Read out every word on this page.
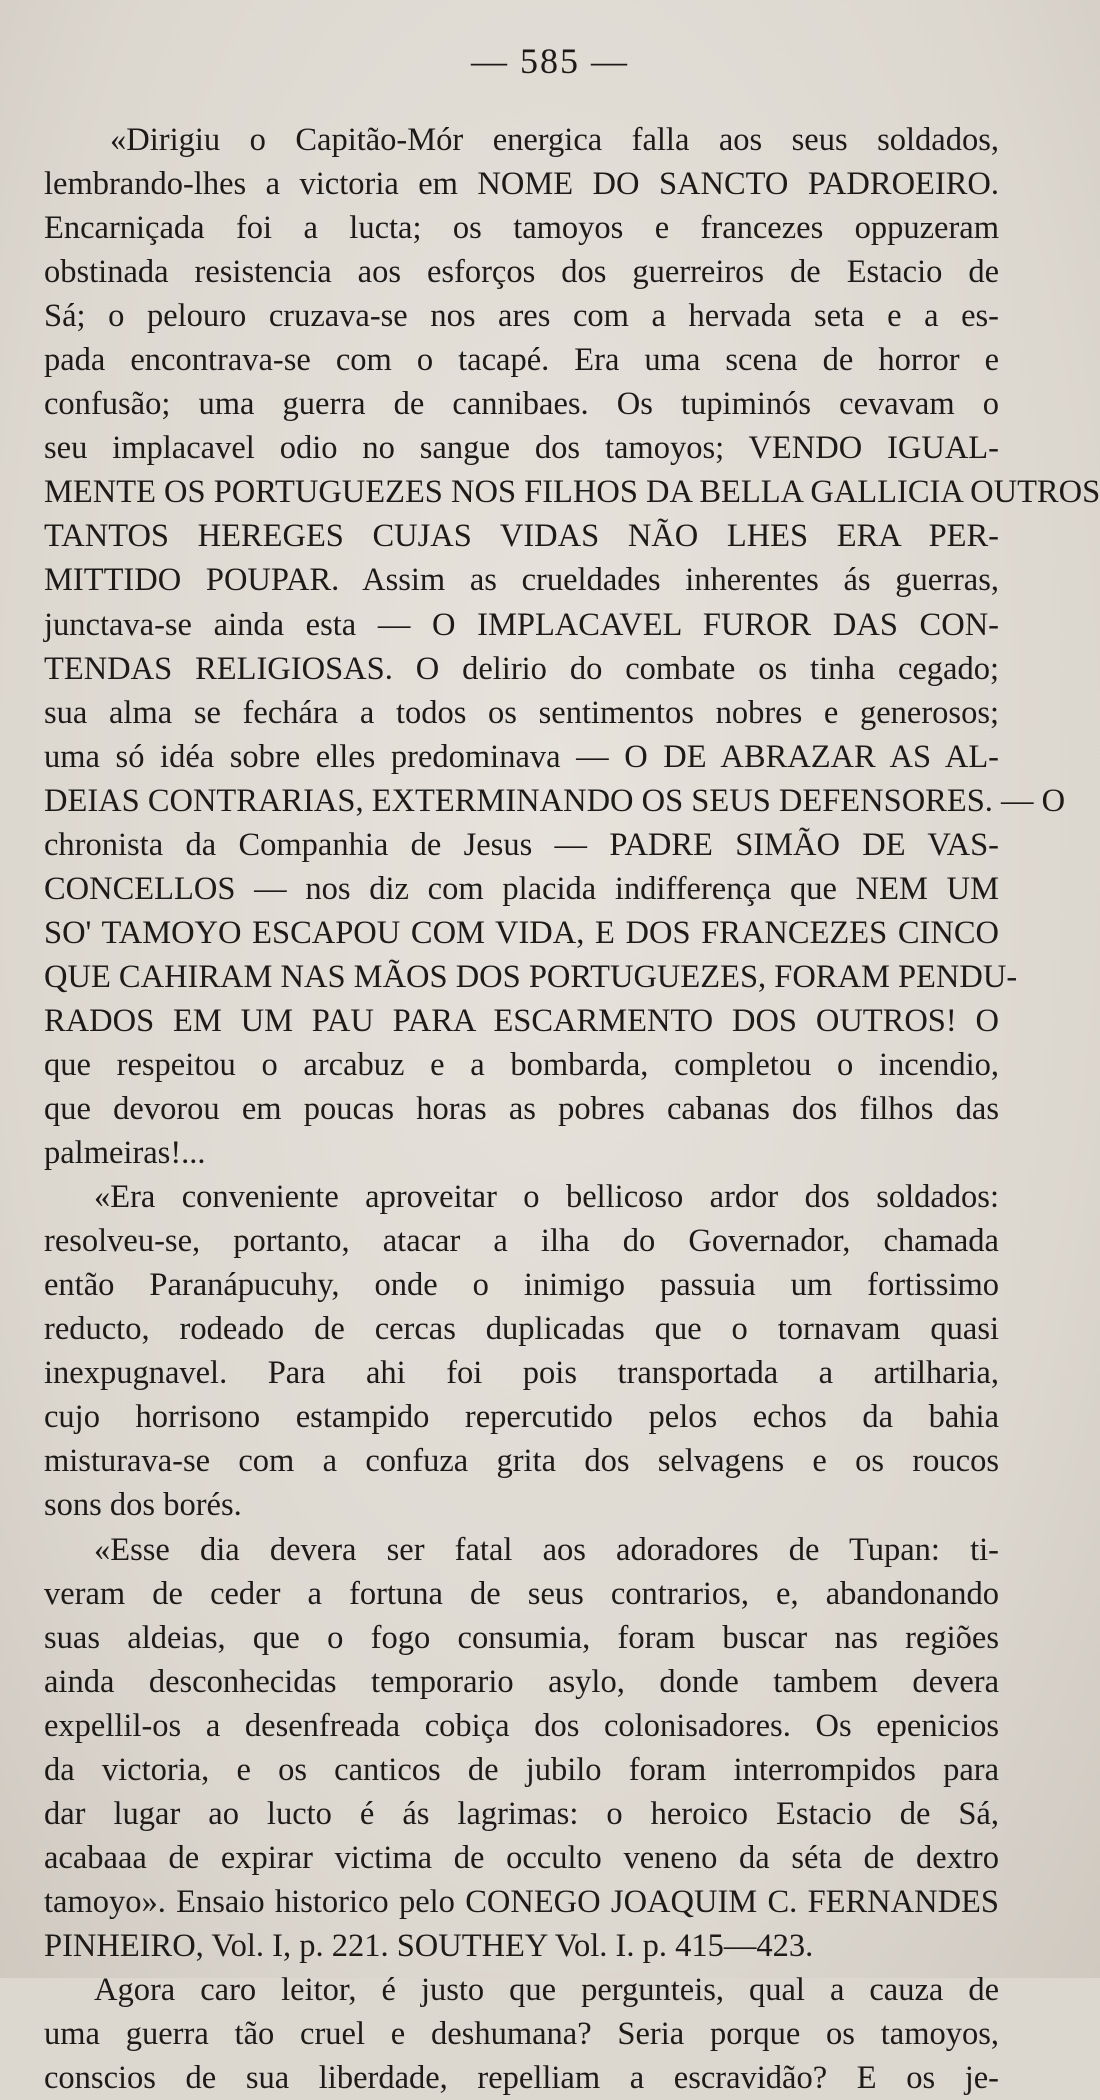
— 585 —
«Dirigiu o Capitão-Mór energica falla aos seus soldados,
lembrando-lhes a victoria em NOME DO SANCTO PADROEIRO.
Encarniçada foi a lucta; os tamoyos e francezes oppuzeram
obstinada resistencia aos esforços dos guerreiros de Estacio de
Sá; o pelouro cruzava-se nos ares com a hervada seta e a es-
pada encontrava-se com o tacapé. Era uma scena de horror e
confusão; uma guerra de cannibaes. Os tupiminós cevavam o
seu implacavel odio no sangue dos tamoyos; VENDO IGUAL-
MENTE OS PORTUGUEZES NOS FILHOS DA BELLA GALLICIA OUTROS
TANTOS HEREGES CUJAS VIDAS NÃO LHES ERA PER-
MITTIDO POUPAR. Assim as crueldades inherentes ás guerras,
junctava-se ainda esta — O IMPLACAVEL FUROR DAS CON-
TENDAS RELIGIOSAS. O delirio do combate os tinha cegado;
sua alma se fechára a todos os sentimentos nobres e generosos;
uma só idéa sobre elles predominava — O DE ABRAZAR AS AL-
DEIAS CONTRARIAS, EXTERMINANDO OS SEUS DEFENSORES. — O
chronista da Companhia de Jesus — PADRE SIMÃO DE VAS-
CONCELLOS — nos diz com placida indifferença que NEM UM
SO' TAMOYO ESCAPOU COM VIDA, E DOS FRANCEZES CINCO
QUE CAHIRAM NAS MÃOS DOS PORTUGUEZES, FORAM PENDU-
RADOS EM UM PAU PARA ESCARMENTO DOS OUTROS! O
que respeitou o arcabuz e a bombarda, completou o incendio,
que devorou em poucas horas as pobres cabanas dos filhos das
palmeiras!...
«Era conveniente aproveitar o bellicoso ardor dos soldados:
resolveu-se, portanto, atacar a ilha do Governador, chamada
então Paranápucuhy, onde o inimigo passuia um fortissimo
reducto, rodeado de cercas duplicadas que o tornavam quasi
inexpugnavel. Para ahi foi pois transportada a artilharia,
cujo horrisono estampido repercutido pelos echos da bahia
misturava-se com a confuza grita dos selvagens e os roucos
sons dos borés.
«Esse dia devera ser fatal aos adoradores de Tupan: ti-
veram de ceder a fortuna de seus contrarios, e, abandonando
suas aldeias, que o fogo consumia, foram buscar nas regiões
ainda desconhecidas temporario asylo, donde tambem devera
expellil-os a desenfreada cobiça dos colonisadores. Os epenicios
da victoria, e os canticos de jubilo foram interrompidos para
dar lugar ao lucto é ás lagrimas: o heroico Estacio de Sá,
acabaaa de expirar victima de occulto veneno da séta de dextro
tamoyo». Ensaio historico pelo CONEGO JOAQUIM C. FERNANDES
PINHEIRO, Vol. I, p. 221. SOUTHEY Vol. I. p. 415—423.
Agora caro leitor, é justo que pergunteis, qual a cauza de
uma guerra tão cruel e deshumana? Seria porque os tamoyos,
conscios de sua liberdade, repelliam a escravidão? E os je-
